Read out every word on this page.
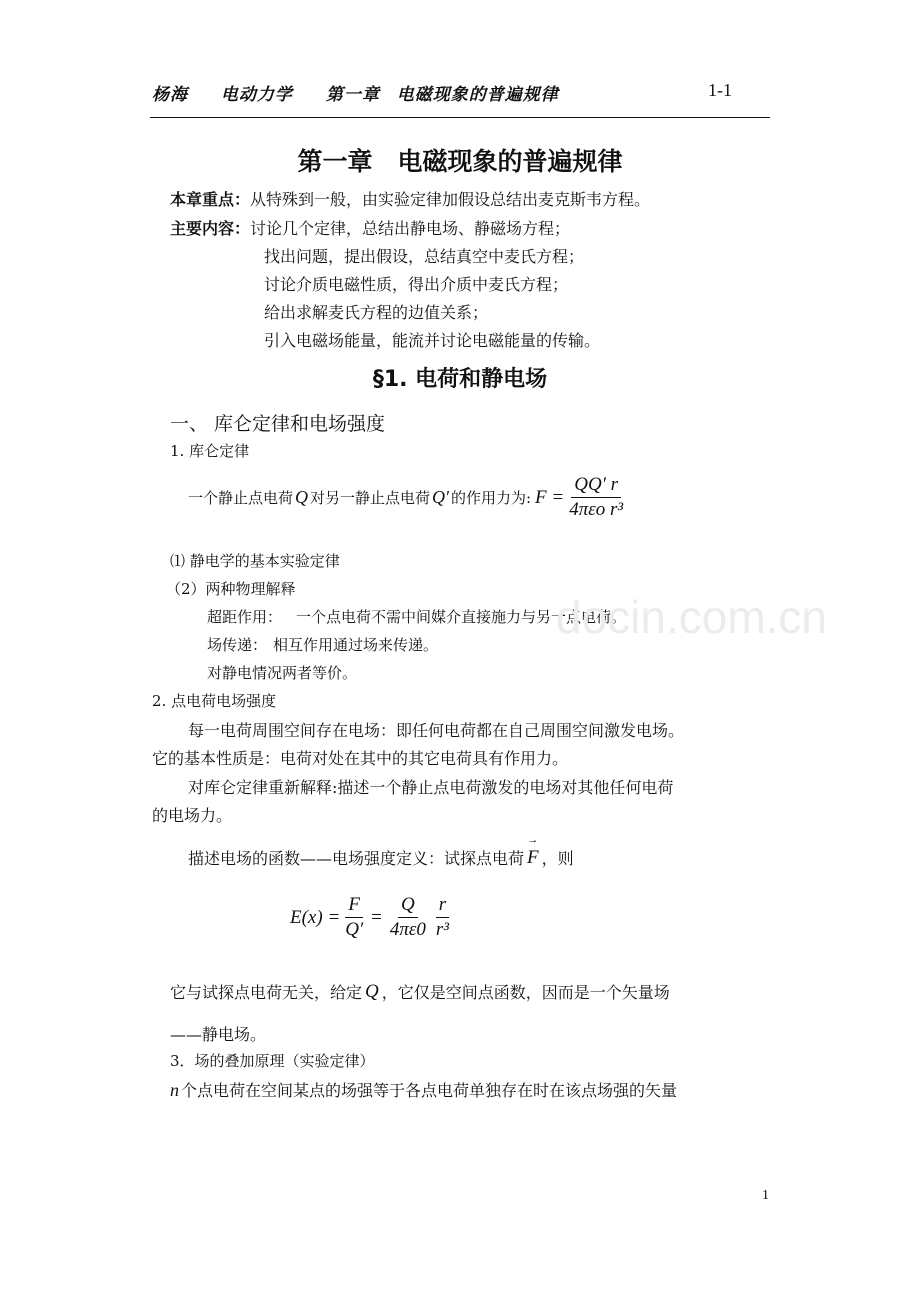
杨海 电动力学 第一章 电磁现象的普遍规律	1-1
第一章　电磁现象的普遍规律
本章重点：从特殊到一般，由实验定律加假设总结出麦克斯韦方程。
主要内容：讨论几个定律，总结出静电场、静磁场方程；
找出问题，提出假设，总结真空中麦氏方程；
讨论介质电磁性质，得出介质中麦氏方程；
给出求解麦氏方程的边值关系；
引入电磁场能量，能流并讨论电磁能量的传输。
§1. 电荷和静电场
一、 库仑定律和电场强度
1. 库仑定律
一个静止点电荷 Q 对另一静止点电荷 Q′ 的作用力为: $F = \frac{QQ' r}{\text{4πεo r³}}$
⑴ 静电学的基本实验定律
（2）两种物理解释
超距作用： 一个点电荷不需中间媒介直接施力与另一点电荷。
场传递： 相互作用通过场来传递。
对静电情况两者等价。
2. 点电荷电场强度
每一电荷周围空间存在电场：即任何电荷都在自己周围空间激发电场。
它的基本性质是：电荷对处在其中的其它电荷具有作用力。
对库仑定律重新解释:描述一个静止点电荷激发的电场对其他任何电荷
的电场力。
描述电场的函数——电场强度定义：试探点电荷
→ F ，则
$E(x) = \frac{F}{Q'} = \frac{Q}{4\pi\varepsilon 0} \frac{r}{\text{r³}}$
它与试探点电荷无关，给定 Q ，它仅是空间点函数，因而是一个矢量场
——静电场。
3．场的叠加原理（实验定律）
n 个点电荷在空间某点的场强等于各点电荷单独存在时在该点场强的矢量
docin.com.cn
1
